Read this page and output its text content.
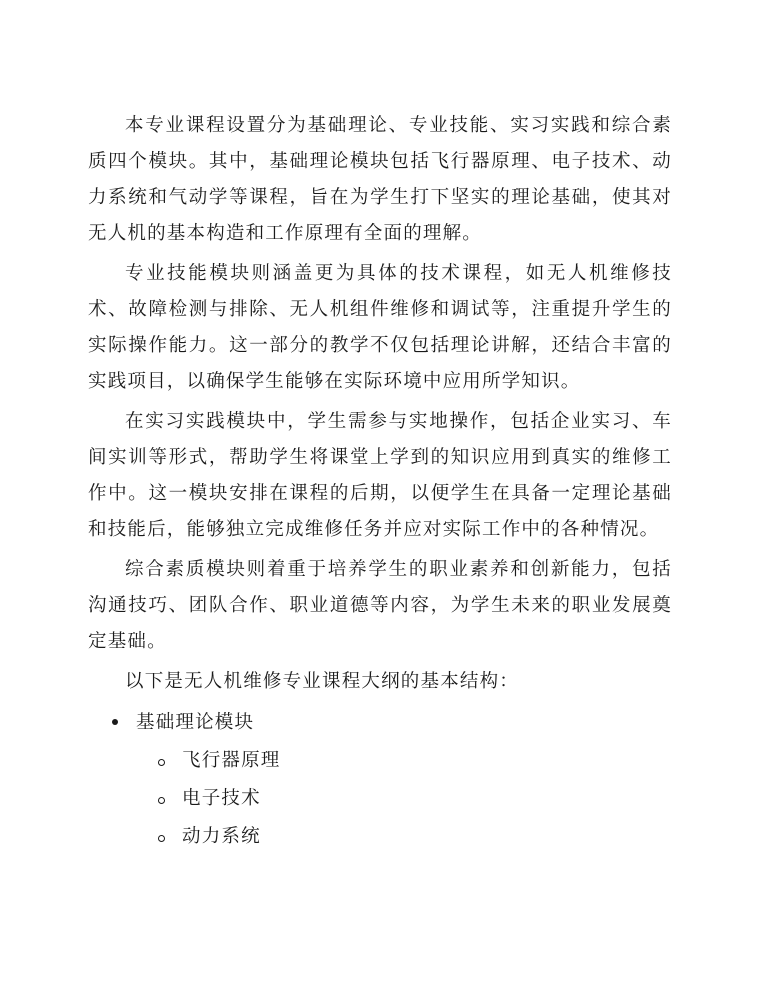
本专业课程设置分为基础理论、专业技能、实习实践和综合素质四个模块。其中，基础理论模块包括飞行器原理、电子技术、动力系统和气动学等课程，旨在为学生打下坚实的理论基础，使其对无人机的基本构造和工作原理有全面的理解。

专业技能模块则涵盖更为具体的技术课程，如无人机维修技术、故障检测与排除、无人机组件维修和调试等，注重提升学生的实际操作能力。这一部分的教学不仅包括理论讲解，还结合丰富的实践项目，以确保学生能够在实际环境中应用所学知识。

在实习实践模块中，学生需参与实地操作，包括企业实习、车间实训等形式，帮助学生将课堂上学到的知识应用到真实的维修工作中。这一模块安排在课程的后期，以便学生在具备一定理论基础和技能后，能够独立完成维修任务并应对实际工作中的各种情况。

综合素质模块则着重于培养学生的职业素养和创新能力，包括沟通技巧、团队合作、职业道德等内容，为学生未来的职业发展奠定基础。

以下是无人机维修专业课程大纲的基本结构：

基础理论模块
飞行器原理
电子技术
动力系统
